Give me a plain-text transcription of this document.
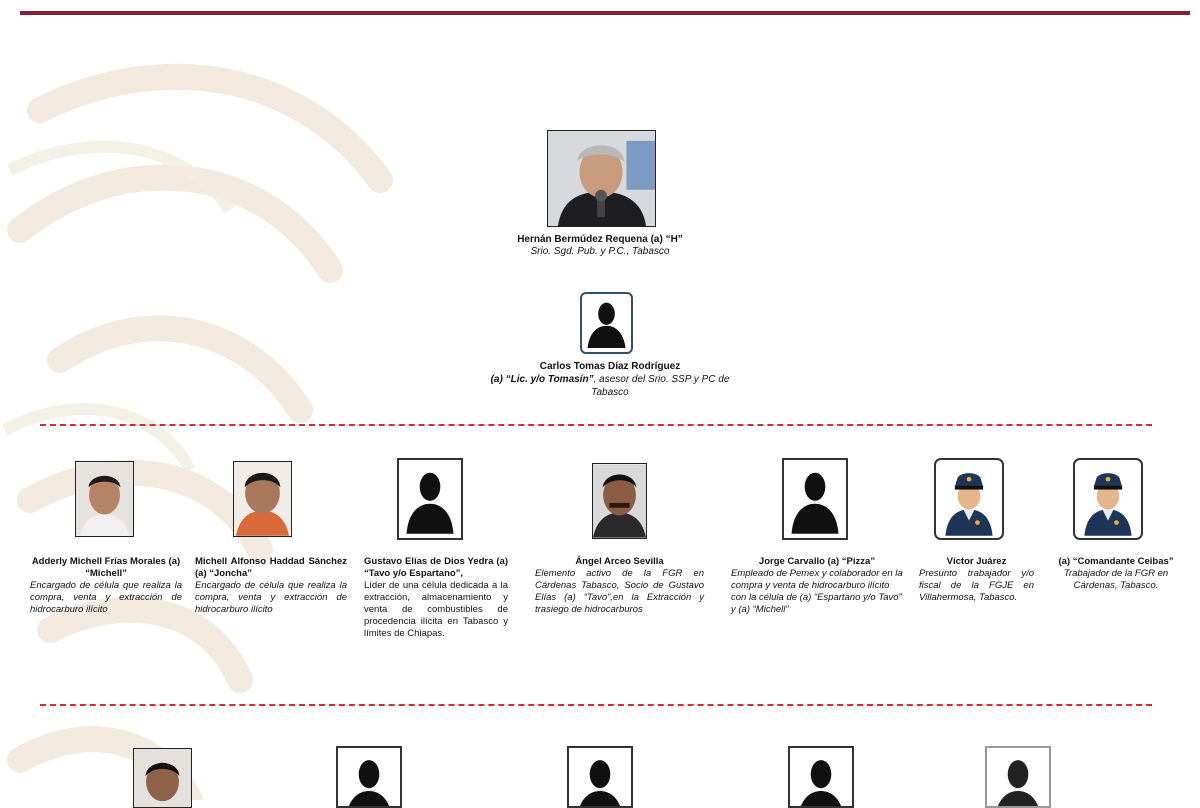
Hernán Bermúdez Requena (a) “H”
Srio. Sgd. Pub. y P.C., Tabasco
Carlos Tomas Díaz Rodríguez
(a) “Lic. y/o Tomasín”, asesor del Srio. SSP y PC de
Tabasco
Adderly Michell Frías Morales (a) “Michell”
Encargado de célula que realiza la compra, venta y extracción de hidrocarburo ilícito
Michell Alfonso Haddad Sánchez (a) “Joncha”
Encargado de célula que realiza la compra, venta y extracción de hidrocarburo ilícito
Gustavo Elías de Dios Yedra (a) “Tavo y/o Espartano”,
Líder de una célula dedicada a la extracción, almacenamiento y venta de combustibles de procedencia ilícita en Tabasco y límites de Chiapas.
Ángel Arceo Sevilla
Elemento activo de la FGR en Cárdenas Tabasco, Socio de Gustavo Elías (a) “Tavo”,en la Extracción y trasiego de hidrocarburos
Jorge Carvallo (a) “Pizza”
Empleado de Pemex y colaborador en la compra y venta de hidrocarburo ilícito con la célula de (a) “Espartano y/o Tavo” y (a) “Michell”
Víctor Juárez
Presunto trabajador y/o fiscal de la FGJE en Villahermosa, Tabasco.
(a) “Comandante Ceibas”
Trabajador de la FGR en Cárdenas, Tabasco.
